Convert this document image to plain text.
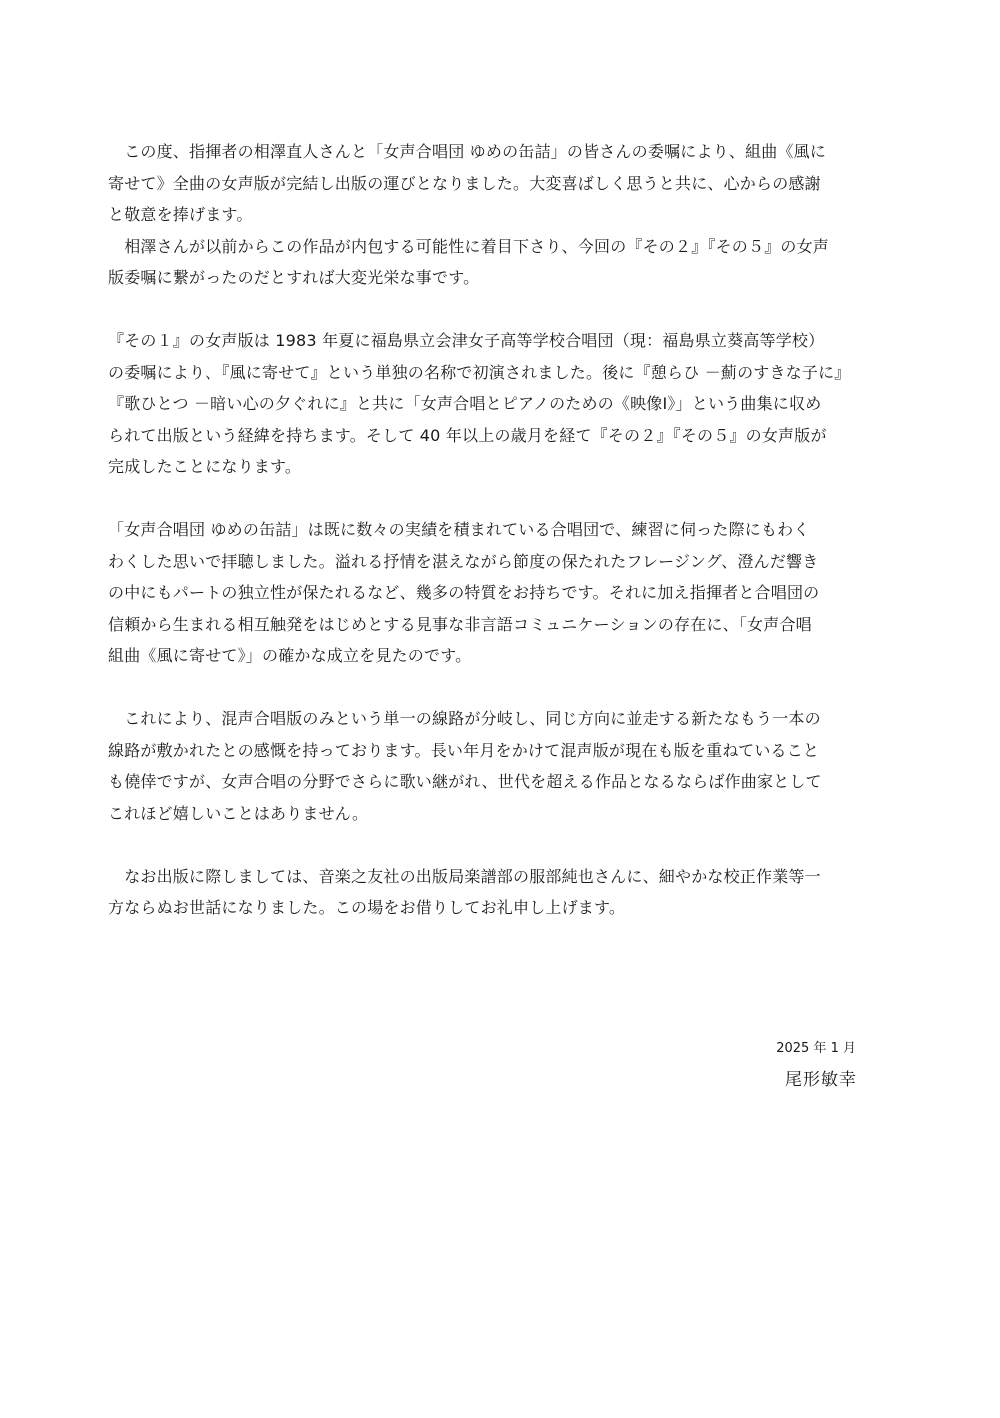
　この度、指揮者の相澤直人さんと「女声合唱団 ゆめの缶詰」の皆さんの委嘱により、組曲《風に
寄せて》全曲の女声版が完結し出版の運びとなりました。大変喜ばしく思うと共に、心からの感謝
と敬意を捧げます。
　相澤さんが以前からこの作品が内包する可能性に着目下さり、今回の『その２』『その５』の女声
版委嘱に繋がったのだとすれば大変光栄な事です。
『その１』の女声版は 1983 年夏に福島県立会津女子高等学校合唱団（現：福島県立葵高等学校）
の委嘱により､『風に寄せて』という単独の名称で初演されました。後に『憩らひ －薊のすきな子に』
『歌ひとつ －暗い心の夕ぐれに』と共に「女声合唱とピアノのための《映像Ⅰ》」という曲集に収め
られて出版という経緯を持ちます。そして 40 年以上の歳月を経て『その２』『その５』の女声版が
完成したことになります。
「女声合唱団 ゆめの缶詰」は既に数々の実績を積まれている合唱団で、練習に伺った際にもわく
わくした思いで拝聴しました。溢れる抒情を湛えながら節度の保たれたフレージング、澄んだ響き
の中にもパートの独立性が保たれるなど、幾多の特質をお持ちです。それに加え指揮者と合唱団の
信頼から生まれる相互触発をはじめとする見事な非言語コミュニケーションの存在に、「女声合唱
組曲《風に寄せて》」の確かな成立を見たのです。
　これにより、混声合唱版のみという単一の線路が分岐し、同じ方向に並走する新たなもう一本の
線路が敷かれたとの感慨を持っております。長い年月をかけて混声版が現在も版を重ねていること
も僥倖ですが、女声合唱の分野でさらに歌い継がれ、世代を超える作品となるならば作曲家として
これほど嬉しいことはありません。
　なお出版に際しましては、音楽之友社の出版局楽譜部の服部純也さんに、細やかな校正作業等一
方ならぬお世話になりました。この場をお借りしてお礼申し上げます。
2025 年 1 月
尾形敏幸
